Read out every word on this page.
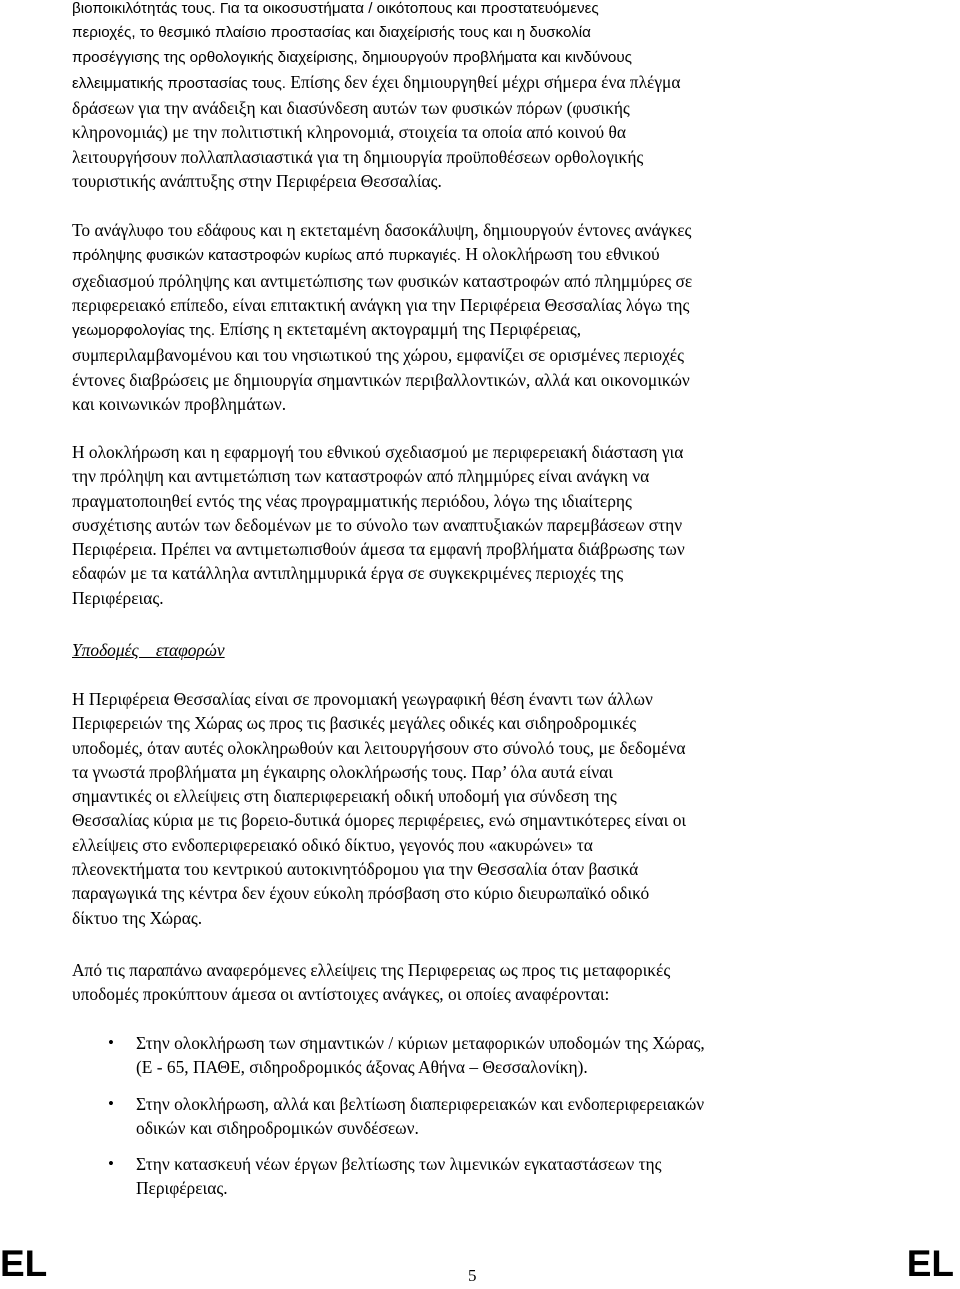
βιοποικιλότητάς τους. Για τα οικοσυστήματα / οικότοπους και προστατευόμενες
περιοχές, το θεσμικό πλαίσιο προστασίας και διαχείρισής τους και η δυσκολία
προσέγγισης της ορθολογικής διαχείρισης, δημιουργούν προβλήματα και κινδύνους
ελλειμματικής προστασίας τους. Επίσης δεν έχει δημιουργηθεί μέχρι σήμερα ένα πλέγμα
δράσεων για την ανάδειξη και διασύνδεση αυτών των φυσικών πόρων (φυσικής
κληρονομιάς) με την πολιτιστική κληρονομιά, στοιχεία τα οποία από κοινού θα
λειτουργήσουν πολλαπλασιαστικά για τη δημιουργία προϋποθέσεων ορθολογικής
τουριστικής ανάπτυξης στην Περιφέρεια Θεσσαλίας.
Το ανάγλυφο του εδάφους και η εκτεταμένη δασοκάλυψη, δημιουργούν έντονες ανάγκες
πρόληψης φυσικών καταστροφών κυρίως από πυρκαγιές. Η ολοκλήρωση του εθνικού
σχεδιασμού πρόληψης και αντιμετώπισης των φυσικών καταστροφών από πλημμύρες σε
περιφερειακό επίπεδο, είναι επιτακτική ανάγκη για την Περιφέρεια Θεσσαλίας λόγω της
γεωμορφολογίας της. Επίσης η εκτεταμένη ακτογραμμή της Περιφέρειας,
συμπεριλαμβανομένου και του νησιωτικού της χώρου, εμφανίζει σε ορισμένες περιοχές
έντονες διαβρώσεις με δημιουργία σημαντικών περιβαλλοντικών, αλλά και οικονομικών
και κοινωνικών προβλημάτων.
Η ολοκλήρωση και η εφαρμογή του εθνικού σχεδιασμού με περιφερειακή διάσταση για
την πρόληψη και αντιμετώπιση των καταστροφών από πλημμύρες είναι ανάγκη να
πραγματοποιηθεί εντός της νέας προγραμματικής περιόδου, λόγω της ιδιαίτερης
συσχέτισης αυτών των δεδομένων με το σύνολο των αναπτυξιακών παρεμβάσεων στην
Περιφέρεια. Πρέπει να αντιμετωπισθούν άμεσα τα εμφανή προβλήματα διάβρωσης των
εδαφών με τα κατάλληλα αντιπλημμυρικά έργα σε συγκεκριμένες περιοχές της
Περιφέρειας.
Υποδομές    εταφορών
Η Περιφέρεια Θεσσαλίας είναι σε προνομιακή γεωγραφική θέση έναντι των άλλων
Περιφερειών της Χώρας ως προς τις βασικές μεγάλες οδικές και σιδηροδρομικές
υποδομές, όταν αυτές ολοκληρωθούν και λειτουργήσουν στο σύνολό τους, με δεδομένα
τα γνωστά προβλήματα μη έγκαιρης ολοκλήρωσής τους. Παρ’ όλα αυτά είναι
σημαντικές οι ελλείψεις στη διαπεριφερειακή οδική υποδομή για σύνδεση της
Θεσσαλίας κύρια με τις βορειο-δυτικά όμορες περιφέρειες, ενώ σημαντικότερες είναι οι
ελλείψεις στο ενδοπεριφερειακό οδικό δίκτυο, γεγονός που «ακυρώνει» τα
πλεονεκτήματα του κεντρικού αυτοκινητόδρομου για την Θεσσαλία όταν βασικά
παραγωγικά της κέντρα δεν έχουν εύκολη πρόσβαση στο κύριο διευρωπαϊκό οδικό
δίκτυο της Χώρας.
Από τις παραπάνω αναφερόμενες ελλείψεις της Περιφερειας ως προς τις μεταφορικές
υποδομές προκύπτουν άμεσα οι αντίστοιχες ανάγκες, οι οποίες αναφέρονται:
• Στην ολοκλήρωση των σημαντικών / κύριων μεταφορικών υποδομών της Χώρας,
(Ε - 65, ΠΑΘΕ, σιδηροδρομικός άξονας Αθήνα – Θεσσαλονίκη).
• Στην ολοκλήρωση, αλλά και βελτίωση διαπεριφερειακών και ενδοπεριφερειακών
οδικών και σιδηροδρομικών συνδέσεων.
• Στην κατασκευή νέων έργων βελτίωσης των λιμενικών εγκαταστάσεων της
Περιφέρειας.
EL	5	EL
